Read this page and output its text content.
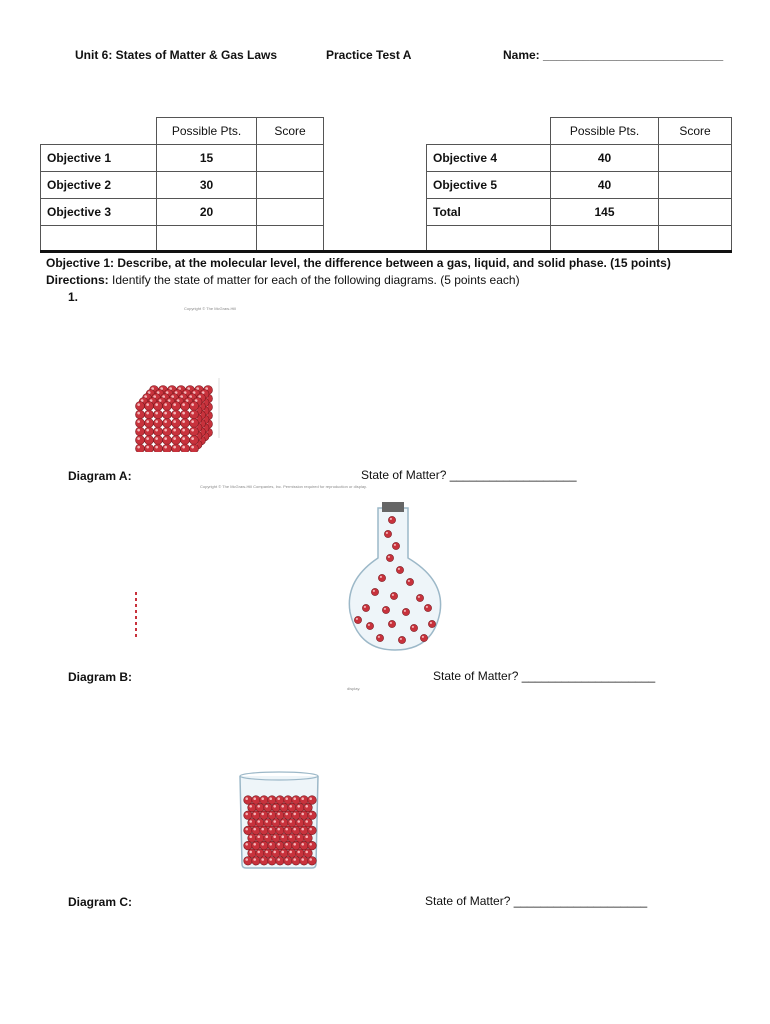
Unit 6: States of Matter & Gas Laws	Practice Test A	Name: ___________________________
	Possible Pts.	Score
Objective 1	15	
Objective 2	30	
Objective 3	20	

	Possible Pts.	Score
Objective 4	40	
Objective 5	40	
Total	145	

Objective 1: Describe, at the molecular level, the difference between a gas, liquid, and solid phase. (15 points)
Directions: Identify the state of matter for each of the following diagrams. (5 points each)
1.
Copyright © The McGraw-Hill
Diagram A:	State of Matter? ___________________
Copyright © The McGraw-Hill Companies, Inc. Permission required for reproduction or display.
Diagram B:	State of Matter? ____________________
display.
Diagram C:	State of Matter? ____________________
